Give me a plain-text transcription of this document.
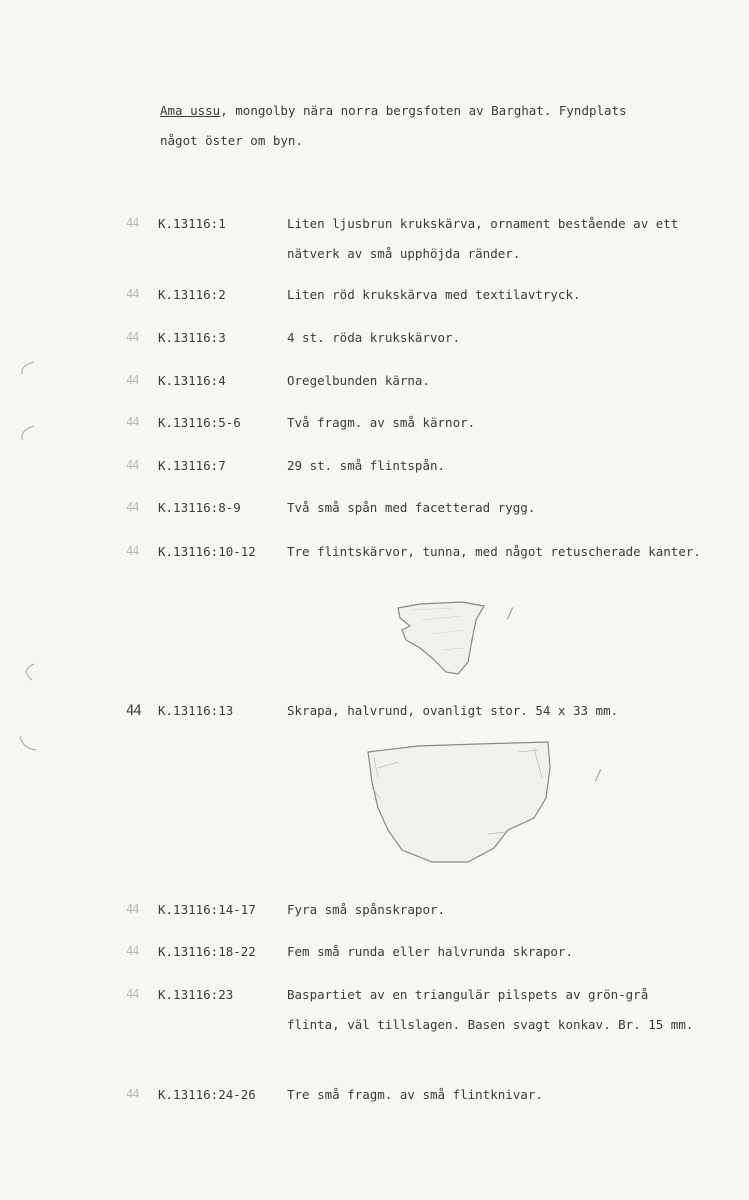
Ama ussu, mongolby nära norra bergsfoten av Barghat. Fyndplats
något öster om byn.
44 K.13116:1	Liten ljusbrun krukskärva, ornament bestående av ett nätverk av små upphöjda ränder.
44 K.13116:2	Liten röd krukskärva med textilavtryck.
44 K.13116:3	4 st. röda krukskärvor.
44 K.13116:4	Oregelbunden kärna.
44 K.13116:5-6	Två fragm. av små kärnor.
44 K.13116:7	29 st. små flintspån.
44 K.13116:8-9	Två små spån med facetterad rygg.
44 K.13116:10-12 Tre flintskärvor, tunna, med något retuscherade kanter.
/
44 K.13116:13	Skrapa, halvrund, ovanligt stor. 54 x 33 mm.
/
44 K.13116:14-17 Fyra små spånskrapor.
44 K.13116:18-22 Fem små runda eller halvrunda skrapor.
44 K.13116:23	Baspartiet av en triangulär pilspets av grön-grå flinta, väl tillslagen. Basen svagt konkav. Br. 15 mm.
44 K.13116:24-26 Tre små fragm. av små flintknivar.
